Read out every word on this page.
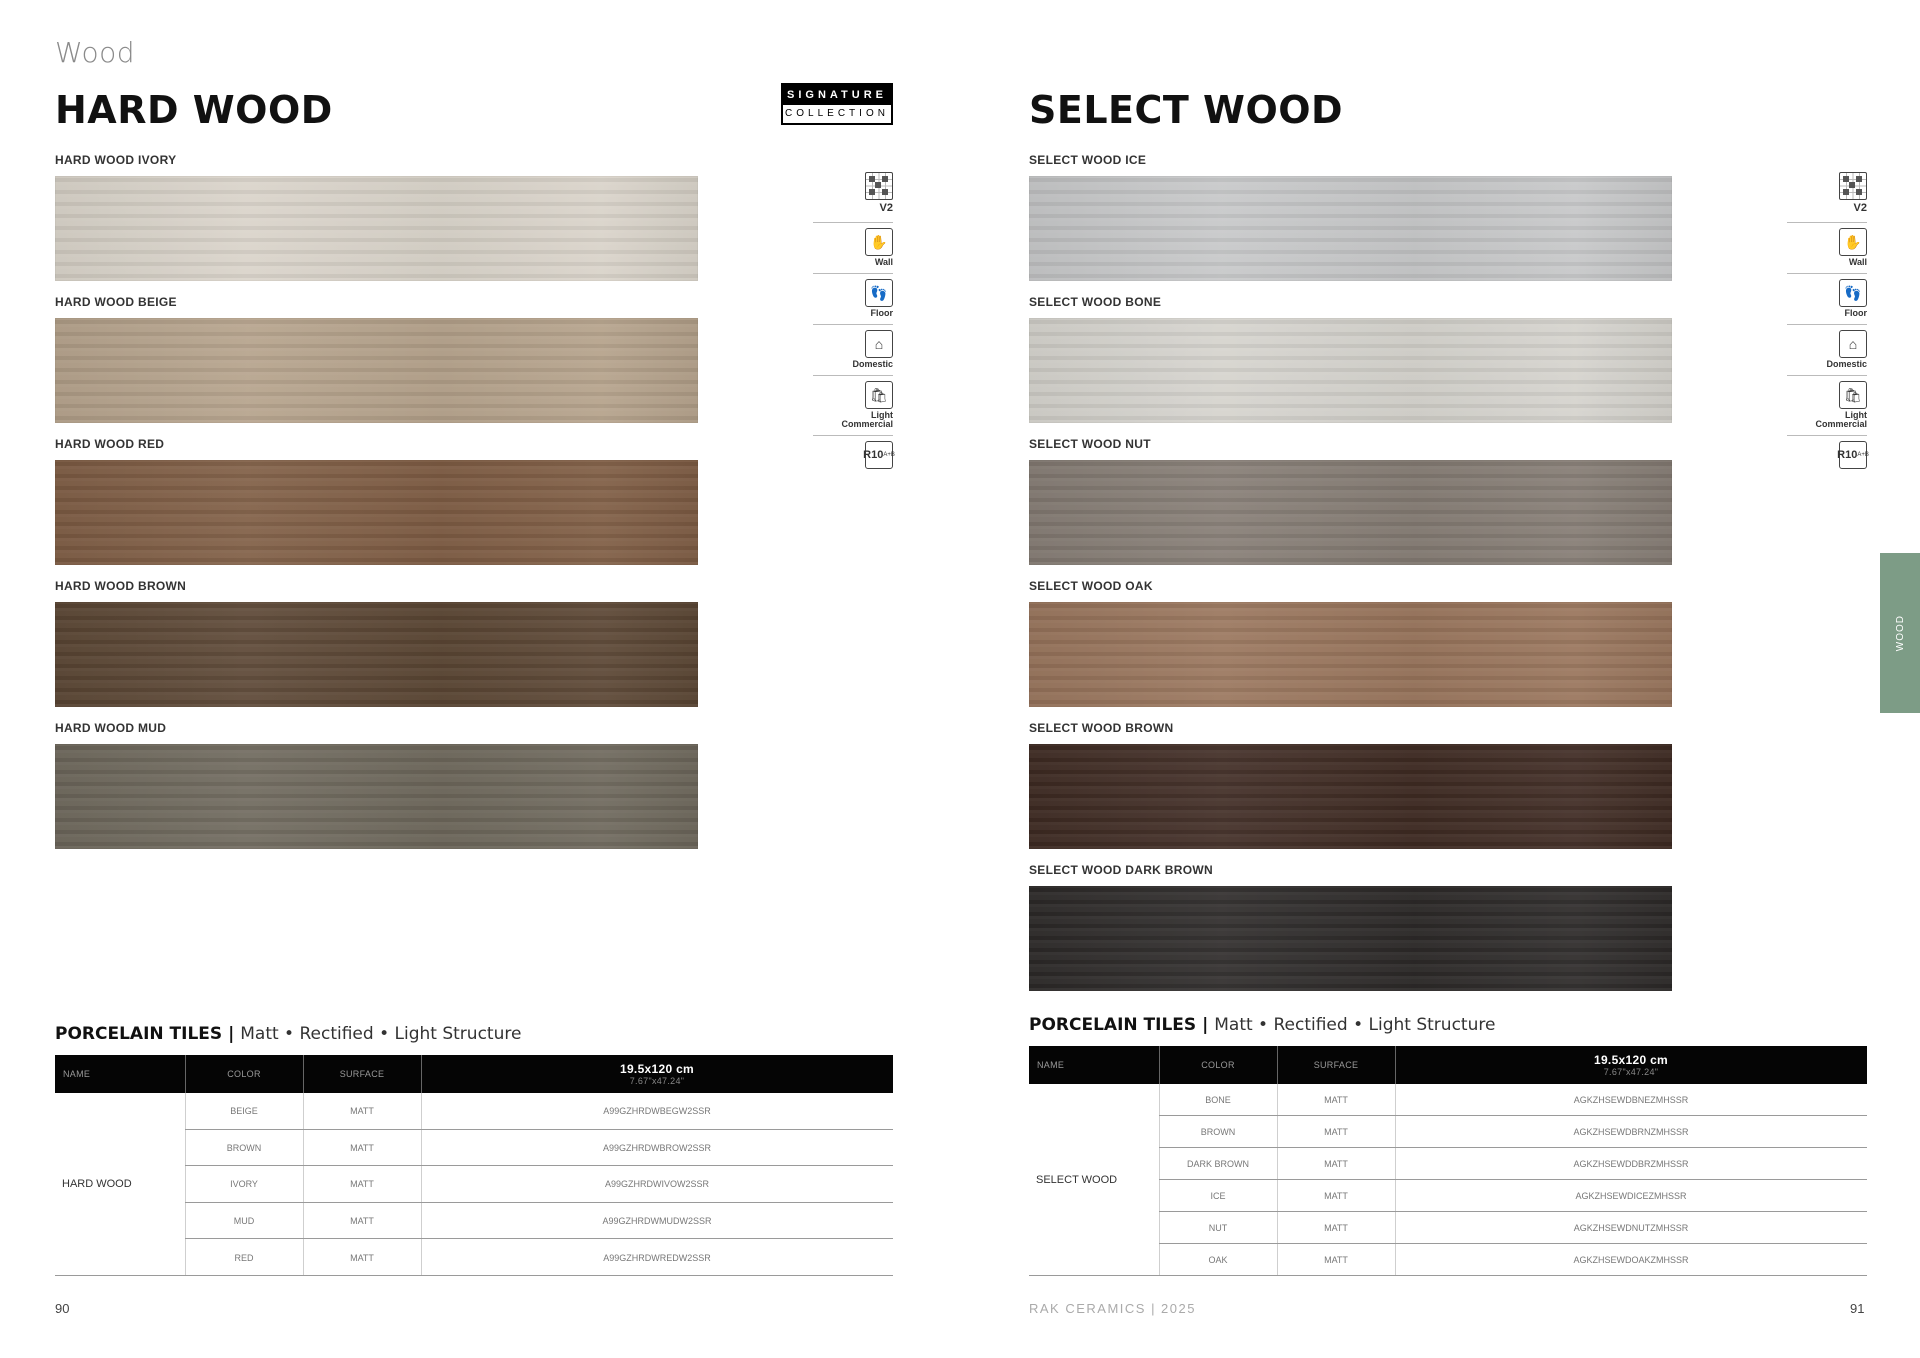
Wood
HARD WOOD	SIGNATURE
COLLECTION
HARD WOOD IVORY
HARD WOOD BEIGE
HARD WOOD RED
HARD WOOD BROWN
HARD WOOD MUD
V2
✋
Wall
👣
Floor
⌂
Domestic
🛍
Light
Commercial
R10 A+B
PORCELAIN TILES | Matt • Rectified • Light Structure
NAME	COLOR	SURFACE	19.5x120 cm
7.67"x47.24"
HARD WOOD
BEIGE	MATT	A99GZHRDWBEGW2SSR
BROWN	MATT	A99GZHRDWBROW2SSR
IVORY	MATT	A99GZHRDWIVOW2SSR
MUD	MATT	A99GZHRDWMUDW2SSR
RED	MATT	A99GZHRDWREDW2SSR
90
SELECT WOOD
SELECT WOOD ICE
SELECT WOOD BONE
SELECT WOOD NUT
SELECT WOOD OAK
SELECT WOOD BROWN
SELECT WOOD DARK BROWN
V2
✋
Wall
👣
Floor
⌂
Domestic
🛍
Light
Commercial
R10 A+B
PORCELAIN TILES | Matt • Rectified • Light Structure
NAME	COLOR	SURFACE	19.5x120 cm
7.67"x47.24"
SELECT WOOD
BONE	MATT	AGKZHSEWDBNEZMHSSR
BROWN	MATT	AGKZHSEWDBRNZMHSSR
DARK BROWN	MATT	AGKZHSEWDDBRZMHSSR
ICE	MATT	AGKZHSEWDICEZMHSSR
NUT	MATT	AGKZHSEWDNUTZMHSSR
OAK	MATT	AGKZHSEWDOAKZMHSSR
RAK CERAMICS | 2025	91
WOOD
